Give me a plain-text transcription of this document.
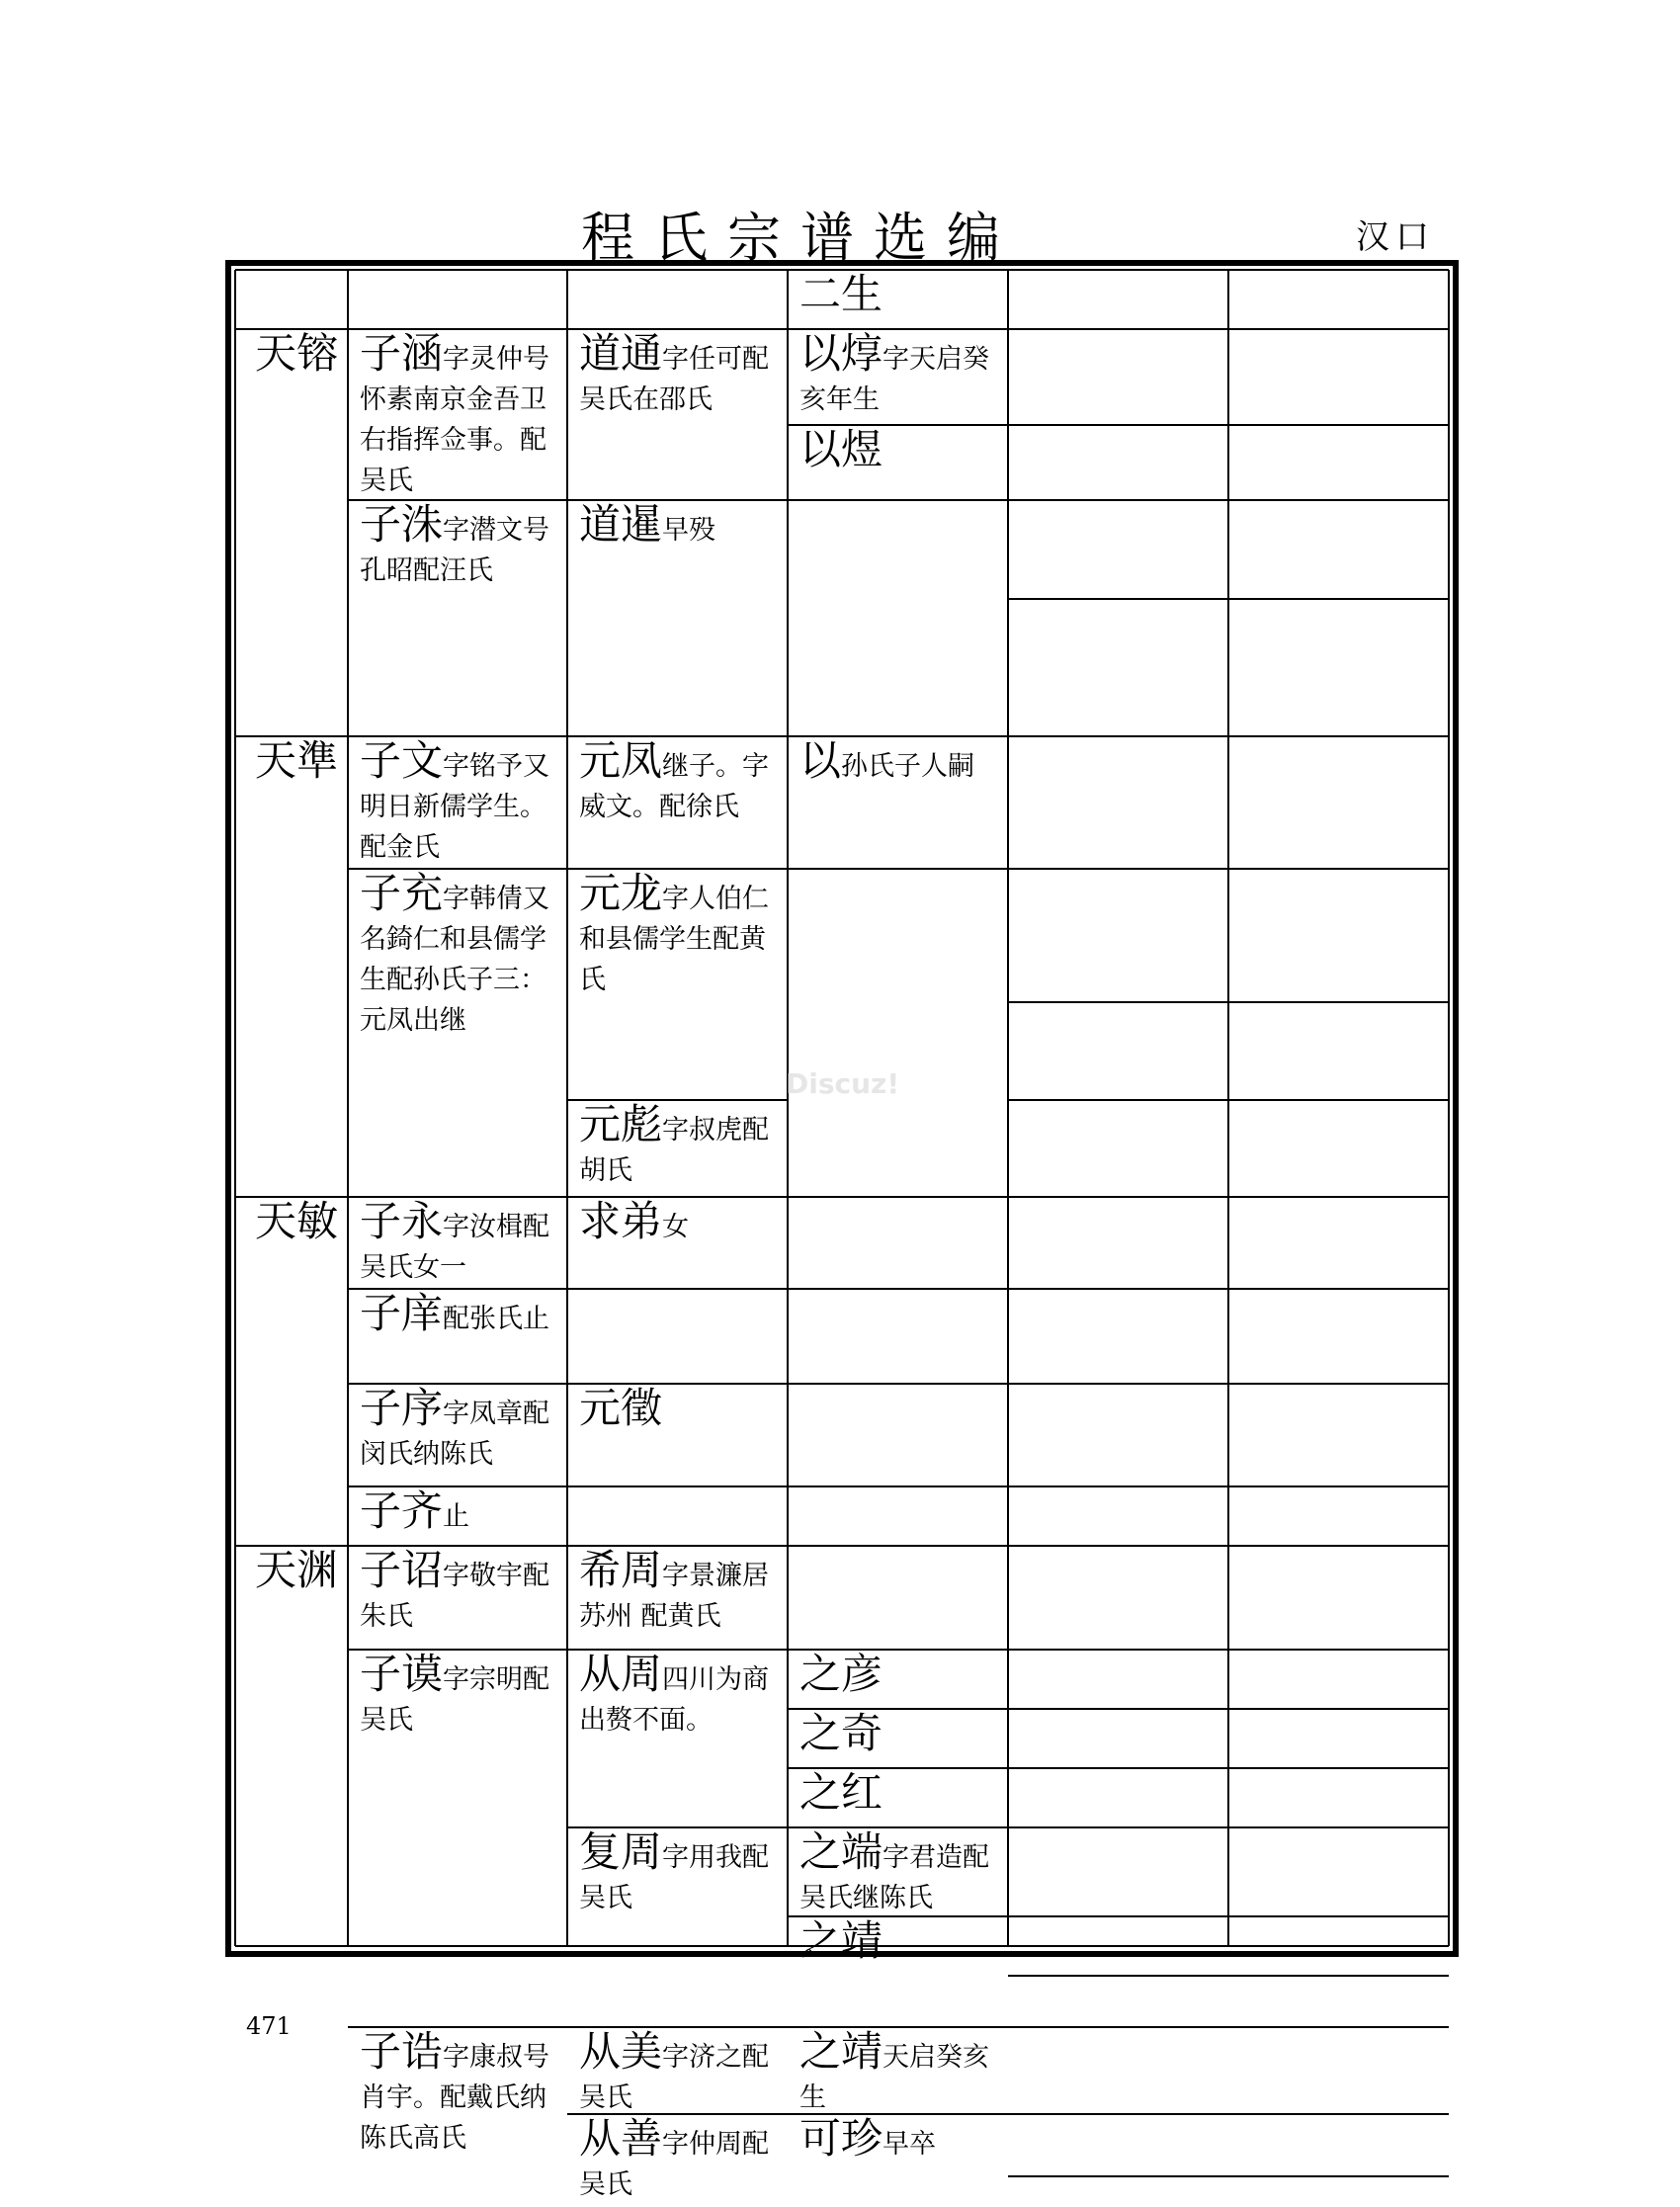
程氏宗谱选编	汉口
二生
天镕 子涵字灵仲号怀素南京金吾卫右指挥佥事。配吴氏
道通字任可配吴氏在邵氏
以焞字天启癸亥年生
以煜
子洙字潜文号孔昭配汪氏
道暹早殁
天準 子文字铭予又明日新儒学生。配金氏
元凤继子。字威文。配徐氏
以孙氏子人嗣
子充字韩倩又名錡仁和县儒学生配孙氏子三：元凤出继
元龙字人伯仁和县儒学生配黄氏
元彪字叔虎配胡氏
天敏 子永字汝楫配吴氏女一
求弟女
子庠配张氏止
子序字凤章配闵氏纳陈氏
元徵
子齐止
天渊 子诏字敬宇配朱氏
希周字景濂居苏州 配黄氏
子谟字宗明配吴氏
从周四川为商出赘不面。
之彦
之奇
之红
复周字用我配吴氏
之端字君造配吴氏继陈氏
之靖
子诰字康叔号肖宇。配戴氏纳陈氏高氏
从美字济之配吴氏
之靖天启癸亥生
从善字仲周配吴氏
可珍早卒
Discuz!
471
